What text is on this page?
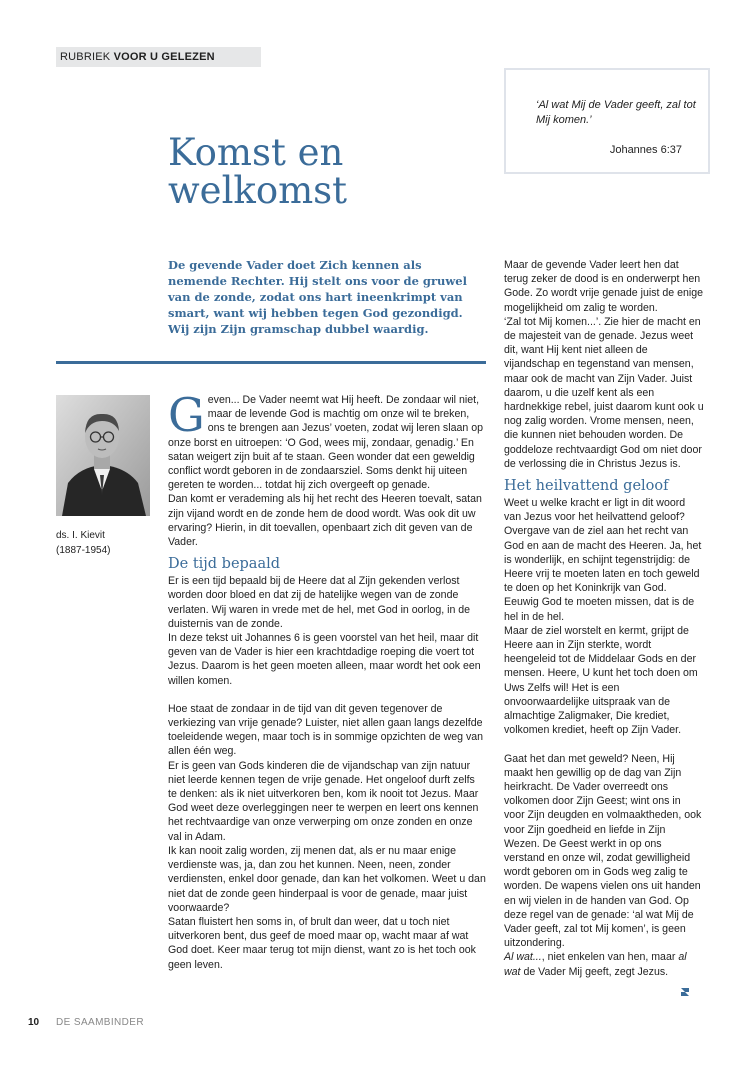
RUBRIEK VOOR U GELEZEN
‘Al wat Mij de Vader geeft, zal tot Mij komen.’
Johannes 6:37
Komst en
welkomst
De gevende Vader doet Zich kennen als nemende Rechter. Hij stelt ons voor de gruwel van de zonde, zodat ons hart ineenkrimpt van smart, want wij hebben tegen God gezondigd. Wij zijn Zijn gramschap dubbel waardig.
ds. I. Kievit
(1887-1954)

Geven... De Vader neemt wat Hij heeft. De zondaar wil niet, maar de levende God is machtig om onze wil te breken, ons te brengen aan Jezus’ voeten, zodat wij leren slaan op onze borst en uitroepen: ‘O God, wees mij, zondaar, genadig.’ En satan weigert zijn buit af te staan. Geen wonder dat een geweldig conflict wordt geboren in de zondaarsziel. Soms denkt hij uiteen gereten te worden... totdat hij zich overgeeft op genade.

Dan komt er verademing als hij het recht des Heeren toevalt, satan zijn vijand wordt en de zonde hem de dood wordt. Was ook dit uw ervaring? Hierin, in dit toevallen, openbaart zich dit geven van de Vader.

De tijd bepaald

Er is een tijd bepaald bij de Heere dat al Zijn gekenden verlost worden door bloed en dat zij de hatelijke wegen van de zonde verlaten. Wij waren in vrede met de hel, met God in oorlog, in de duisternis van de zonde.

In deze tekst uit Johannes 6 is geen voorstel van het heil, maar dit geven van de Vader is hier een krachtdadige roeping die voert tot Jezus. Daarom is het geen moeten alleen, maar wordt het ook een willen komen.

Hoe staat de zondaar in de tijd van dit geven tegenover de verkiezing van vrije genade? Luister, niet allen gaan langs dezelfde toeleidende wegen, maar toch is in sommige opzichten de weg van allen één weg.

Er is geen van Gods kinderen die de vijandschap van zijn natuur niet leerde kennen tegen de vrije genade. Het ongeloof durft zelfs te denken: als ik niet uitverkoren ben, kom ik nooit tot Jezus. Maar God weet deze overleggingen neer te werpen en leert ons kennen het rechtvaardige van onze verwerping om onze zonden en onze val in Adam.

Ik kan nooit zalig worden, zij menen dat, als er nu maar enige verdienste was, ja, dan zou het kunnen. Neen, neen, zonder verdiensten, enkel door genade, dan kan het volkomen. Weet u dan niet dat de zonde geen hinderpaal is voor de genade, maar juist voorwaarde?

Satan fluistert hen soms in, of brult dan weer, dat u toch niet uitverkoren bent, dus geef de moed maar op, wacht maar af wat God doet. Keer maar terug tot mijn dienst, want zo is het toch ook geen leven.

Maar de gevende Vader leert hen dat terug zeker de dood is en onderwerpt hen Gode. Zo wordt vrije genade juist de enige mogelijkheid om zalig te worden.

‘Zal tot Mij komen...’. Zie hier de macht en de majesteit van de genade. Jezus weet dit, want Hij kent niet alleen de vijandschap en tegenstand van mensen, maar ook de macht van Zijn Vader. Juist daarom, u die uzelf kent als een hardnekkige rebel, juist daarom kunt ook u nog zalig worden. Vrome mensen, neen, die kunnen niet behouden worden. De goddeloze rechtvaardigt God om niet door de verlossing die in Christus Jezus is.

Het heilvattend geloof

Weet u welke kracht er ligt in dit woord van Jezus voor het heilvattend geloof? Overgave van de ziel aan het recht van God en aan de macht des Heeren. Ja, het is wonderlijk, en schijnt tegenstrijdig: de Heere vrij te moeten laten en toch geweld te doen op het Koninkrijk van God. Eeuwig God te moeten missen, dat is de hel in de hel.

Maar de ziel worstelt en kermt, grijpt de Heere aan in Zijn sterkte, wordt heengeleid tot de Middelaar Gods en der mensen. Heere, U kunt het toch doen om Uws Zelfs wil! Het is een onvoorwaardelijke uitspraak van de almachtige Zaligmaker, Die krediet, volkomen krediet, heeft op Zijn Vader.

Gaat het dan met geweld? Neen, Hij maakt hen gewillig op de dag van Zijn heirkracht. De Vader overreedt ons volkomen door Zijn Geest; wint ons in voor Zijn deugden en volmaaktheden, ook voor Zijn goedheid en liefde in Zijn Wezen. De Geest werkt in op ons verstand en onze wil, zodat gewilligheid wordt geboren om in Gods weg zalig te worden. De wapens vielen ons uit handen en wij vielen in de handen van God. Op deze regel van de genade: ‘al wat Mij de Vader geeft, zal tot Mij komen’, is geen uitzondering.

Al wat..., niet enkelen van hen, maar al wat de Vader Mij geeft, zegt Jezus.

10 DE SAAMBINDER
